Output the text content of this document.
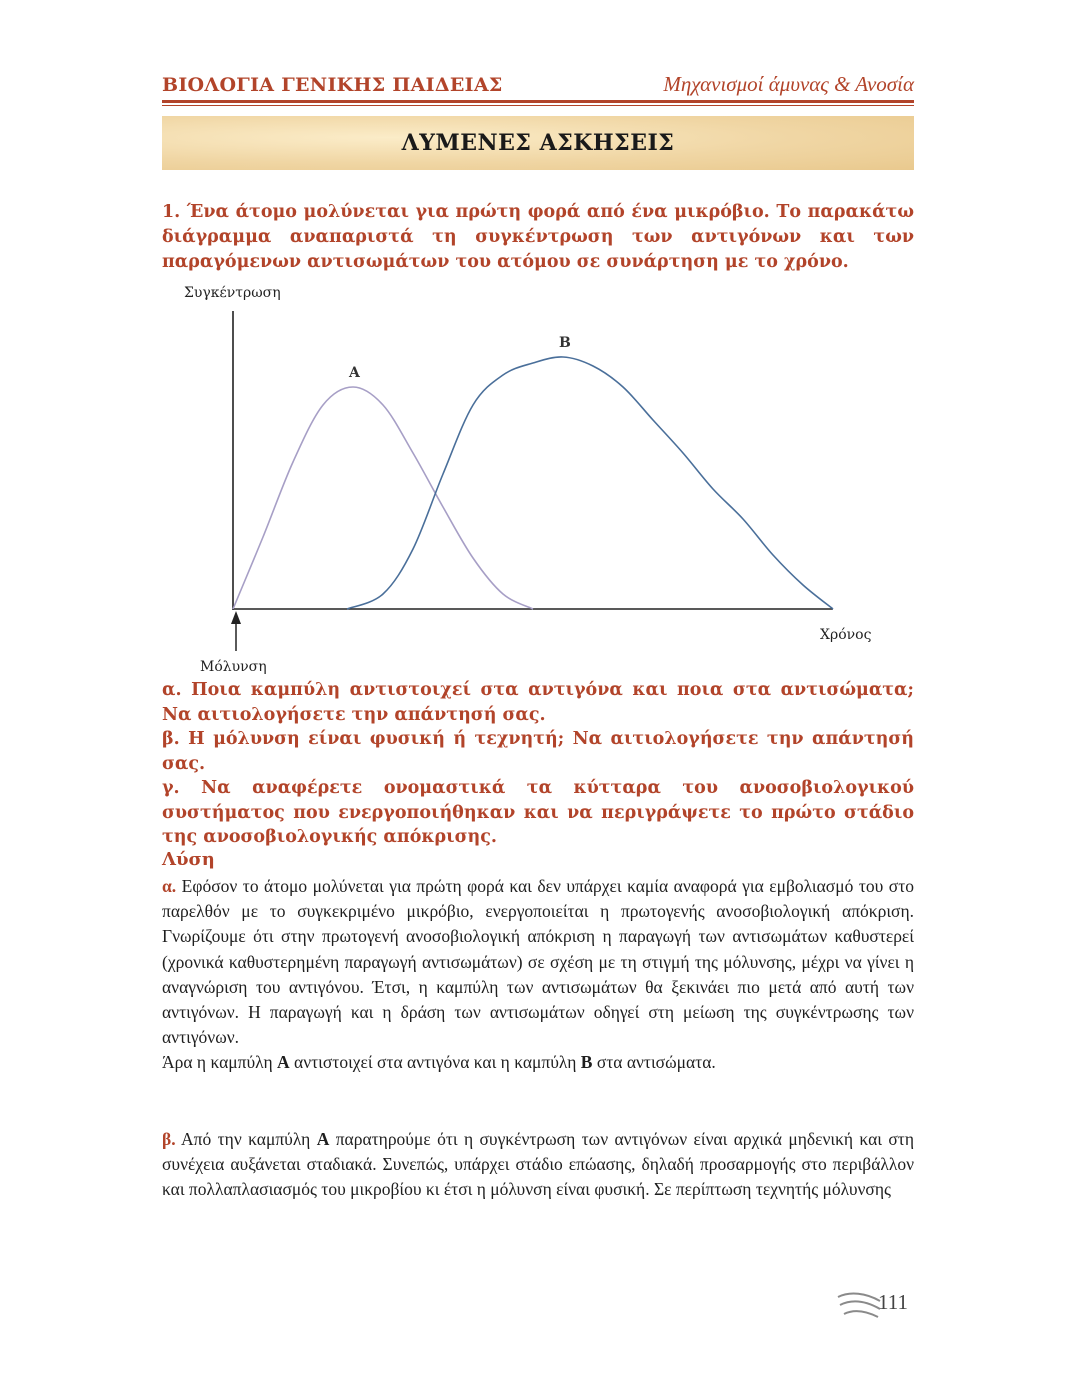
ΒΙΟΛΟΓΙΑ ΓΕΝΙΚΗΣ ΠΑΙΔΕΙΑΣ	Μηχανισμοί άμυνας & Ανοσία
ΛΥΜΕΝΕΣ ΑΣΚΗΣΕΙΣ

1. Ένα άτομο μολύνεται για πρώτη φορά από ένα μικρόβιο. Το παρακάτω διάγραμμα αναπαριστά τη συγκέντρωση των αντιγόνων και των παραγόμενων αντισωμάτων του ατόμου σε συνάρτηση με το χρόνο.

Συγκέντρωση
Χρόνος
Μόλυνση
Α
Β

α. Ποια καμπύλη αντιστοιχεί στα αντιγόνα και ποια στα αντισώματα; Να αιτιολογήσετε την απάντησή σας.

β. Η μόλυνση είναι φυσική ή τεχνητή; Να αιτιολογήσετε την απάντησή σας.

γ. Να αναφέρετε ονομαστικά τα κύτταρα του ανοσοβιολογικού συστήματος που ενεργοποιήθηκαν και να περιγράψετε το πρώτο στάδιο της ανοσοβιολογικής απόκρισης.

Λύση

α. Εφόσον το άτομο μολύνεται για πρώτη φορά και δεν υπάρχει καμία αναφορά για εμβολιασμό του στο παρελθόν με το συγκεκριμένο μικρόβιο, ενεργοποιείται η πρωτογενής ανοσοβιολογική απόκριση. Γνωρίζουμε ότι στην πρωτογενή ανοσοβιολογική απόκριση η παραγωγή των αντισωμάτων καθυστερεί (χρονικά καθυστερημένη παραγωγή αντισωμάτων) σε σχέση με τη στιγμή της μόλυνσης, μέχρι να γίνει η αναγνώριση του αντιγόνου. Έτσι, η καμπύλη των αντισωμάτων θα ξεκινάει πιο μετά από αυτή των αντιγόνων. Η παραγωγή και η δράση των αντισωμάτων οδηγεί στη μείωση της συγκέντρωσης των αντιγόνων.
Άρα η καμπύλη Α αντιστοιχεί στα αντιγόνα και η καμπύλη Β στα αντισώματα.

β. Από την καμπύλη Α παρατηρούμε ότι η συγκέντρωση των αντιγόνων είναι αρχικά μηδενική και στη συνέχεια αυξάνεται σταδιακά. Συνεπώς, υπάρχει στάδιο επώασης, δηλαδή προσαρμογής στο περιβάλλον και πολλαπλασιασμός του μικροβίου κι έτσι η μόλυνση είναι φυσική. Σε περίπτωση τεχνητής μόλυνσης

111
